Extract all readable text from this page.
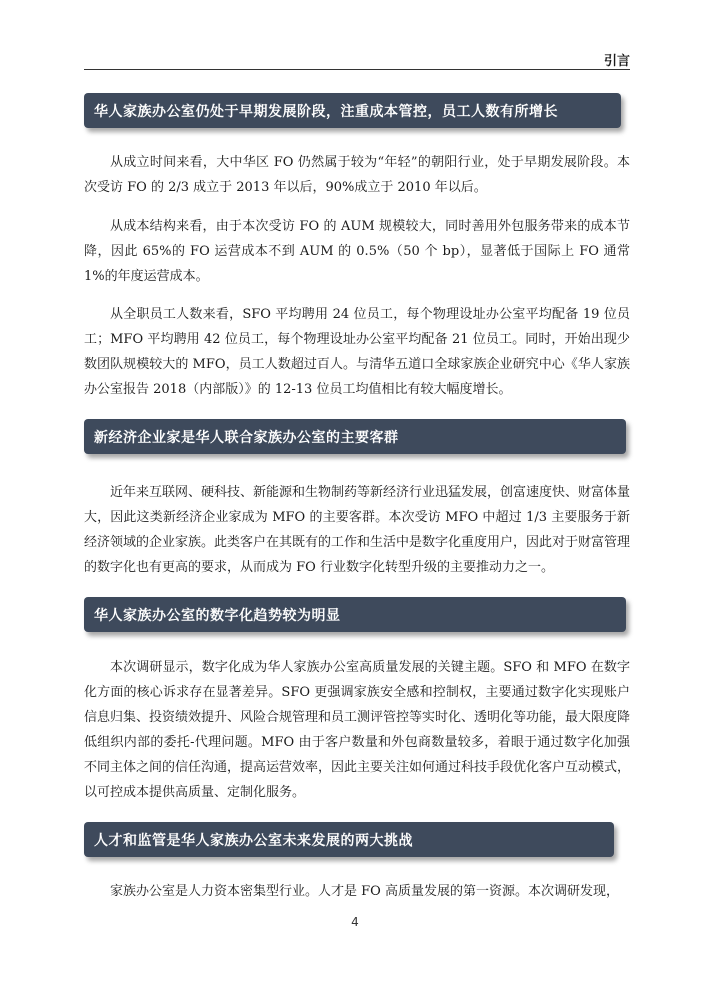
引言
华人家族办公室仍处于早期发展阶段，注重成本管控，员工人数有所增长

从成立时间来看，大中华区 FO 仍然属于较为“年轻”的朝阳行业，处于早期发展阶段。本次受访 FO 的 2/3 成立于 2013 年以后，90%成立于 2010 年以后。

从成本结构来看，由于本次受访 FO 的 AUM 规模较大，同时善用外包服务带来的成本节降，因此 65%的 FO 运营成本不到 AUM 的 0.5%（50 个 bp），显著低于国际上 FO 通常 1%的年度运营成本。

从全职员工人数来看，SFO 平均聘用 24 位员工，每个物理设址办公室平均配备 19 位员工；MFO 平均聘用 42 位员工，每个物理设址办公室平均配备 21 位员工。同时，开始出现少数团队规模较大的 MFO，员工人数超过百人。与清华五道口全球家族企业研究中心《华人家族办公室报告 2018（内部版）》的 12-13 位员工均值相比有较大幅度增长。

新经济企业家是华人联合家族办公室的主要客群

近年来互联网、硬科技、新能源和生物制药等新经济行业迅猛发展，创富速度快、财富体量大，因此这类新经济企业家成为 MFO 的主要客群。本次受访 MFO 中超过 1/3 主要服务于新经济领域的企业家族。此类客户在其既有的工作和生活中是数字化重度用户，因此对于财富管理的数字化也有更高的要求，从而成为 FO 行业数字化转型升级的主要推动力之一。

华人家族办公室的数字化趋势较为明显

本次调研显示，数字化成为华人家族办公室高质量发展的关键主题。SFO 和 MFO 在数字化方面的核心诉求存在显著差异。SFO 更强调家族安全感和控制权，主要通过数字化实现账户信息归集、投资绩效提升、风险合规管理和员工测评管控等实时化、透明化等功能，最大限度降低组织内部的委托-代理问题。MFO 由于客户数量和外包商数量较多，着眼于通过数字化加强不同主体之间的信任沟通，提高运营效率，因此主要关注如何通过科技手段优化客户互动模式，以可控成本提供高质量、定制化服务。

人才和监管是华人家族办公室未来发展的两大挑战

家族办公室是人力资本密集型行业。人才是 FO 高质量发展的第一资源。本次调研发现，

4
